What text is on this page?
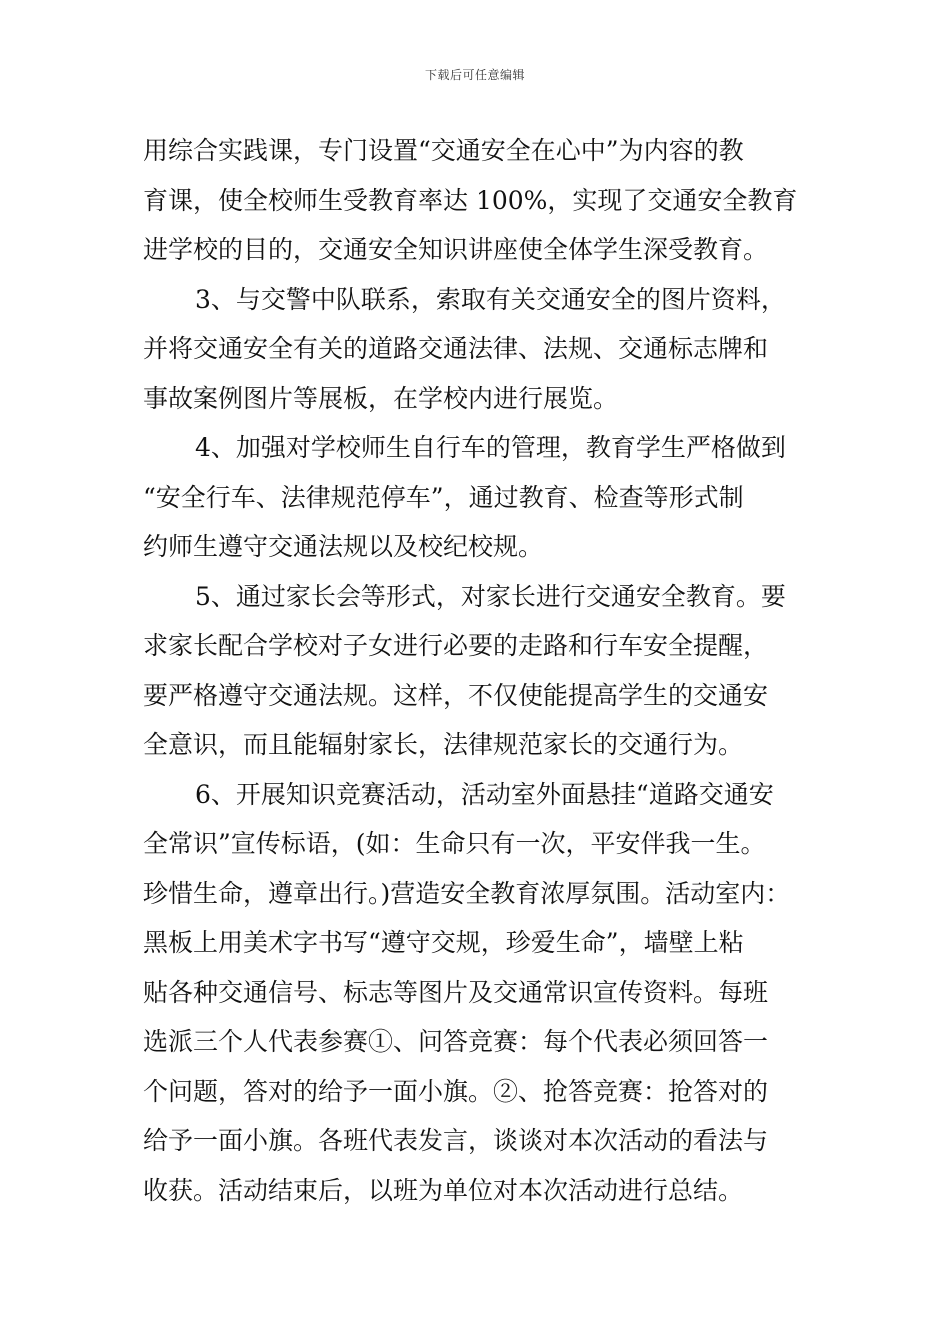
下载后可任意编辑
用综合实践课，专门设置“交通安全在心中”为内容的教
育课，使全校师生受教育率达 100%，实现了交通安全教育
进学校的目的，交通安全知识讲座使全体学生深受教育。
3、与交警中队联系，索取有关交通安全的图片资料，
并将交通安全有关的道路交通法律、法规、交通标志牌和
事故案例图片等展板，在学校内进行展览。
4、加强对学校师生自行车的管理，教育学生严格做到
“安全行车、法律规范停车”，通过教育、检查等形式制
约师生遵守交通法规以及校纪校规。
5、通过家长会等形式，对家长进行交通安全教育。要
求家长配合学校对子女进行必要的走路和行车安全提醒，
要严格遵守交通法规。这样，不仅使能提高学生的交通安
全意识，而且能辐射家长，法律规范家长的交通行为。
6、开展知识竞赛活动，活动室外面悬挂“道路交通安
全常识”宣传标语，(如：生命只有一次，平安伴我一生。
珍惜生命，遵章出行。)营造安全教育浓厚氛围。活动室内：
黑板上用美术字书写“遵守交规，珍爱生命”，墙壁上粘
贴各种交通信号、标志等图片及交通常识宣传资料。每班
选派三个人代表参赛①、问答竞赛：每个代表必须回答一
个问题，答对的给予一面小旗。②、抢答竞赛：抢答对的
给予一面小旗。各班代表发言，谈谈对本次活动的看法与
收获。活动结束后，以班为单位对本次活动进行总结。
